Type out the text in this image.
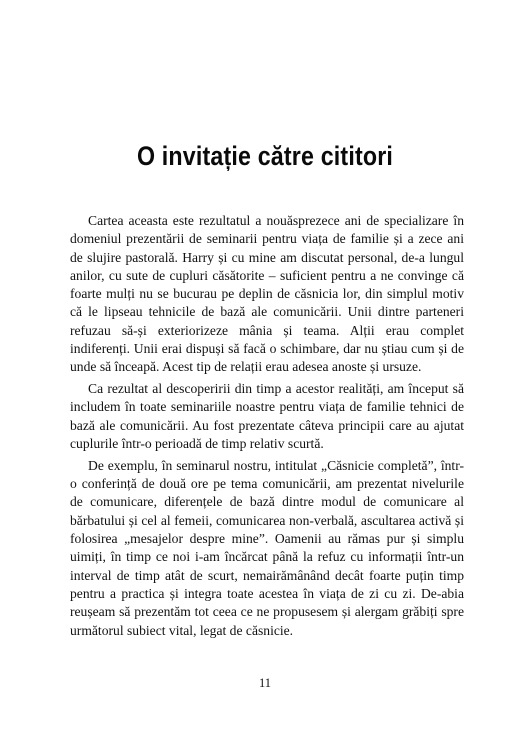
O invitație către cititori

Cartea aceasta este rezultatul a nouăsprezece ani de specializare în domeniul prezentării de seminarii pentru viața de familie și a zece ani de slujire pastorală. Harry și cu mine am discutat personal, de-a lungul anilor, cu sute de cupluri căsătorite – suficient pentru a ne convinge că foarte mulți nu se bucurau pe deplin de căsnicia lor, din simplul motiv că le lipseau tehnicile de bază ale comunicării. Unii dintre parteneri refuzau să-și exteriorizeze mânia și teama. Alții erau complet indiferenți. Unii erai dispuși să facă o schimbare, dar nu știau cum și de unde să înceapă. Acest tip de relații erau adesea anoste și ursuze.

Ca rezultat al descoperirii din timp a acestor realități, am început să includem în toate seminariile noastre pentru viața de familie tehnici de bază ale comunicării. Au fost prezentate câteva principii care au ajutat cuplurile într-o perioadă de timp relativ scurtă.

De exemplu, în seminarul nostru, intitulat „Căsnicie completă”, într-o conferință de două ore pe tema comunicării, am prezentat nivelurile de comunicare, diferențele de bază dintre modul de comunicare al bărbatului și cel al femeii, comunicarea non-verbală, ascultarea activă și folosirea „mesajelor despre mine”. Oamenii au rămas pur și simplu uimiți, în timp ce noi i-am încărcat până la refuz cu informații într-un interval de timp atât de scurt, nemairămânând decât foarte puțin timp pentru a practica și integra toate acestea în viața de zi cu zi. De-abia reușeam să prezentăm tot ceea ce ne propusesem și alergam grăbiți spre următorul subiect vital, legat de căsnicie.

11
